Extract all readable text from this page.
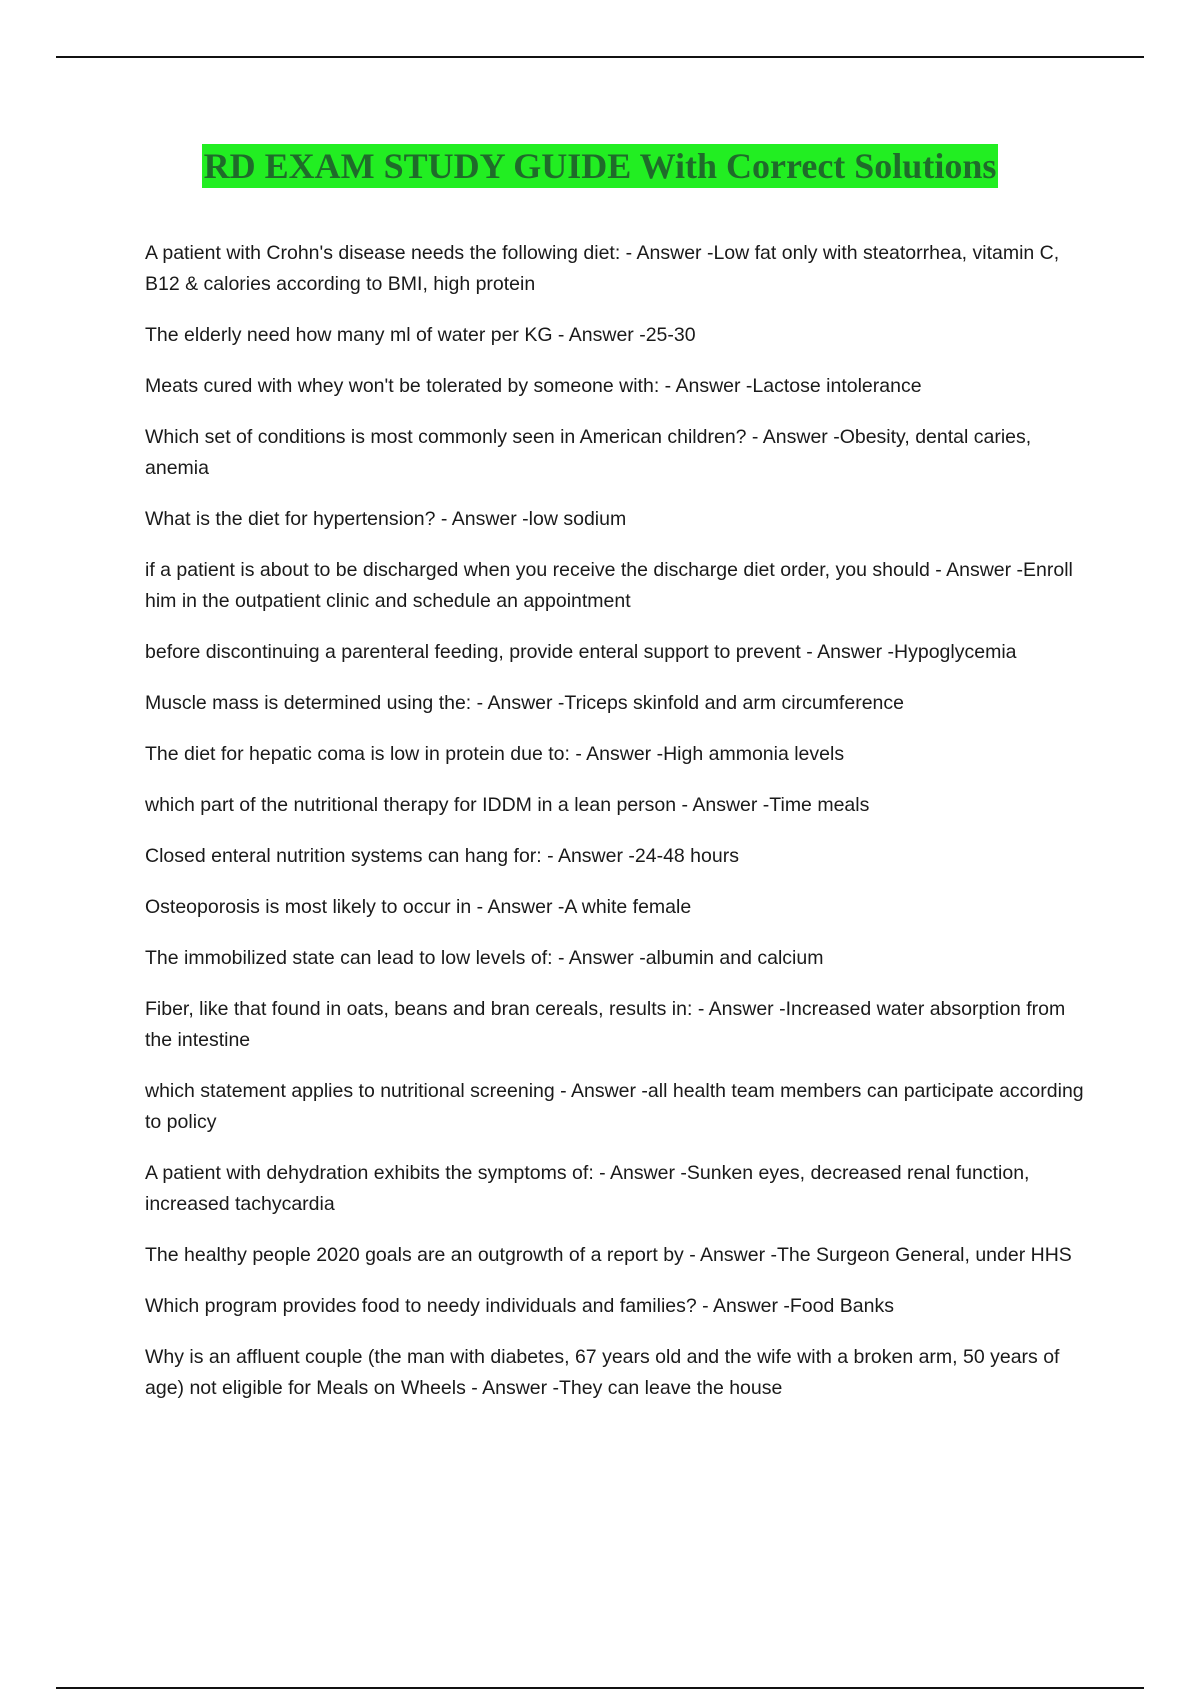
RD EXAM STUDY GUIDE With Correct Solutions
A patient with Crohn's disease needs the following diet: - Answer -Low fat only with steatorrhea, vitamin C, B12 & calories according to BMI, high protein
The elderly need how many ml of water per KG - Answer -25-30
Meats cured with whey won't be tolerated by someone with: - Answer -Lactose intolerance
Which set of conditions is most commonly seen in American children? - Answer -Obesity, dental caries, anemia
What is the diet for hypertension? - Answer -low sodium
if a patient is about to be discharged when you receive the discharge diet order, you should - Answer -Enroll him in the outpatient clinic and schedule an appointment
before discontinuing a parenteral feeding, provide enteral support to prevent - Answer -Hypoglycemia
Muscle mass is determined using the: - Answer -Triceps skinfold and arm circumference
The diet for hepatic coma is low in protein due to: - Answer -High ammonia levels
which part of the nutritional therapy for IDDM in a lean person - Answer -Time meals
Closed enteral nutrition systems can hang for: - Answer -24-48 hours
Osteoporosis is most likely to occur in - Answer -A white female
The immobilized state can lead to low levels of: - Answer -albumin and calcium
Fiber, like that found in oats, beans and bran cereals, results in: - Answer -Increased water absorption from the intestine
which statement applies to nutritional screening - Answer -all health team members can participate according to policy
A patient with dehydration exhibits the symptoms of: - Answer -Sunken eyes, decreased renal function, increased tachycardia
The healthy people 2020 goals are an outgrowth of a report by - Answer -The Surgeon General, under HHS
Which program provides food to needy individuals and families? - Answer -Food Banks
Why is an affluent couple (the man with diabetes, 67 years old and the wife with a broken arm, 50 years of age) not eligible for Meals on Wheels - Answer -They can leave the house
